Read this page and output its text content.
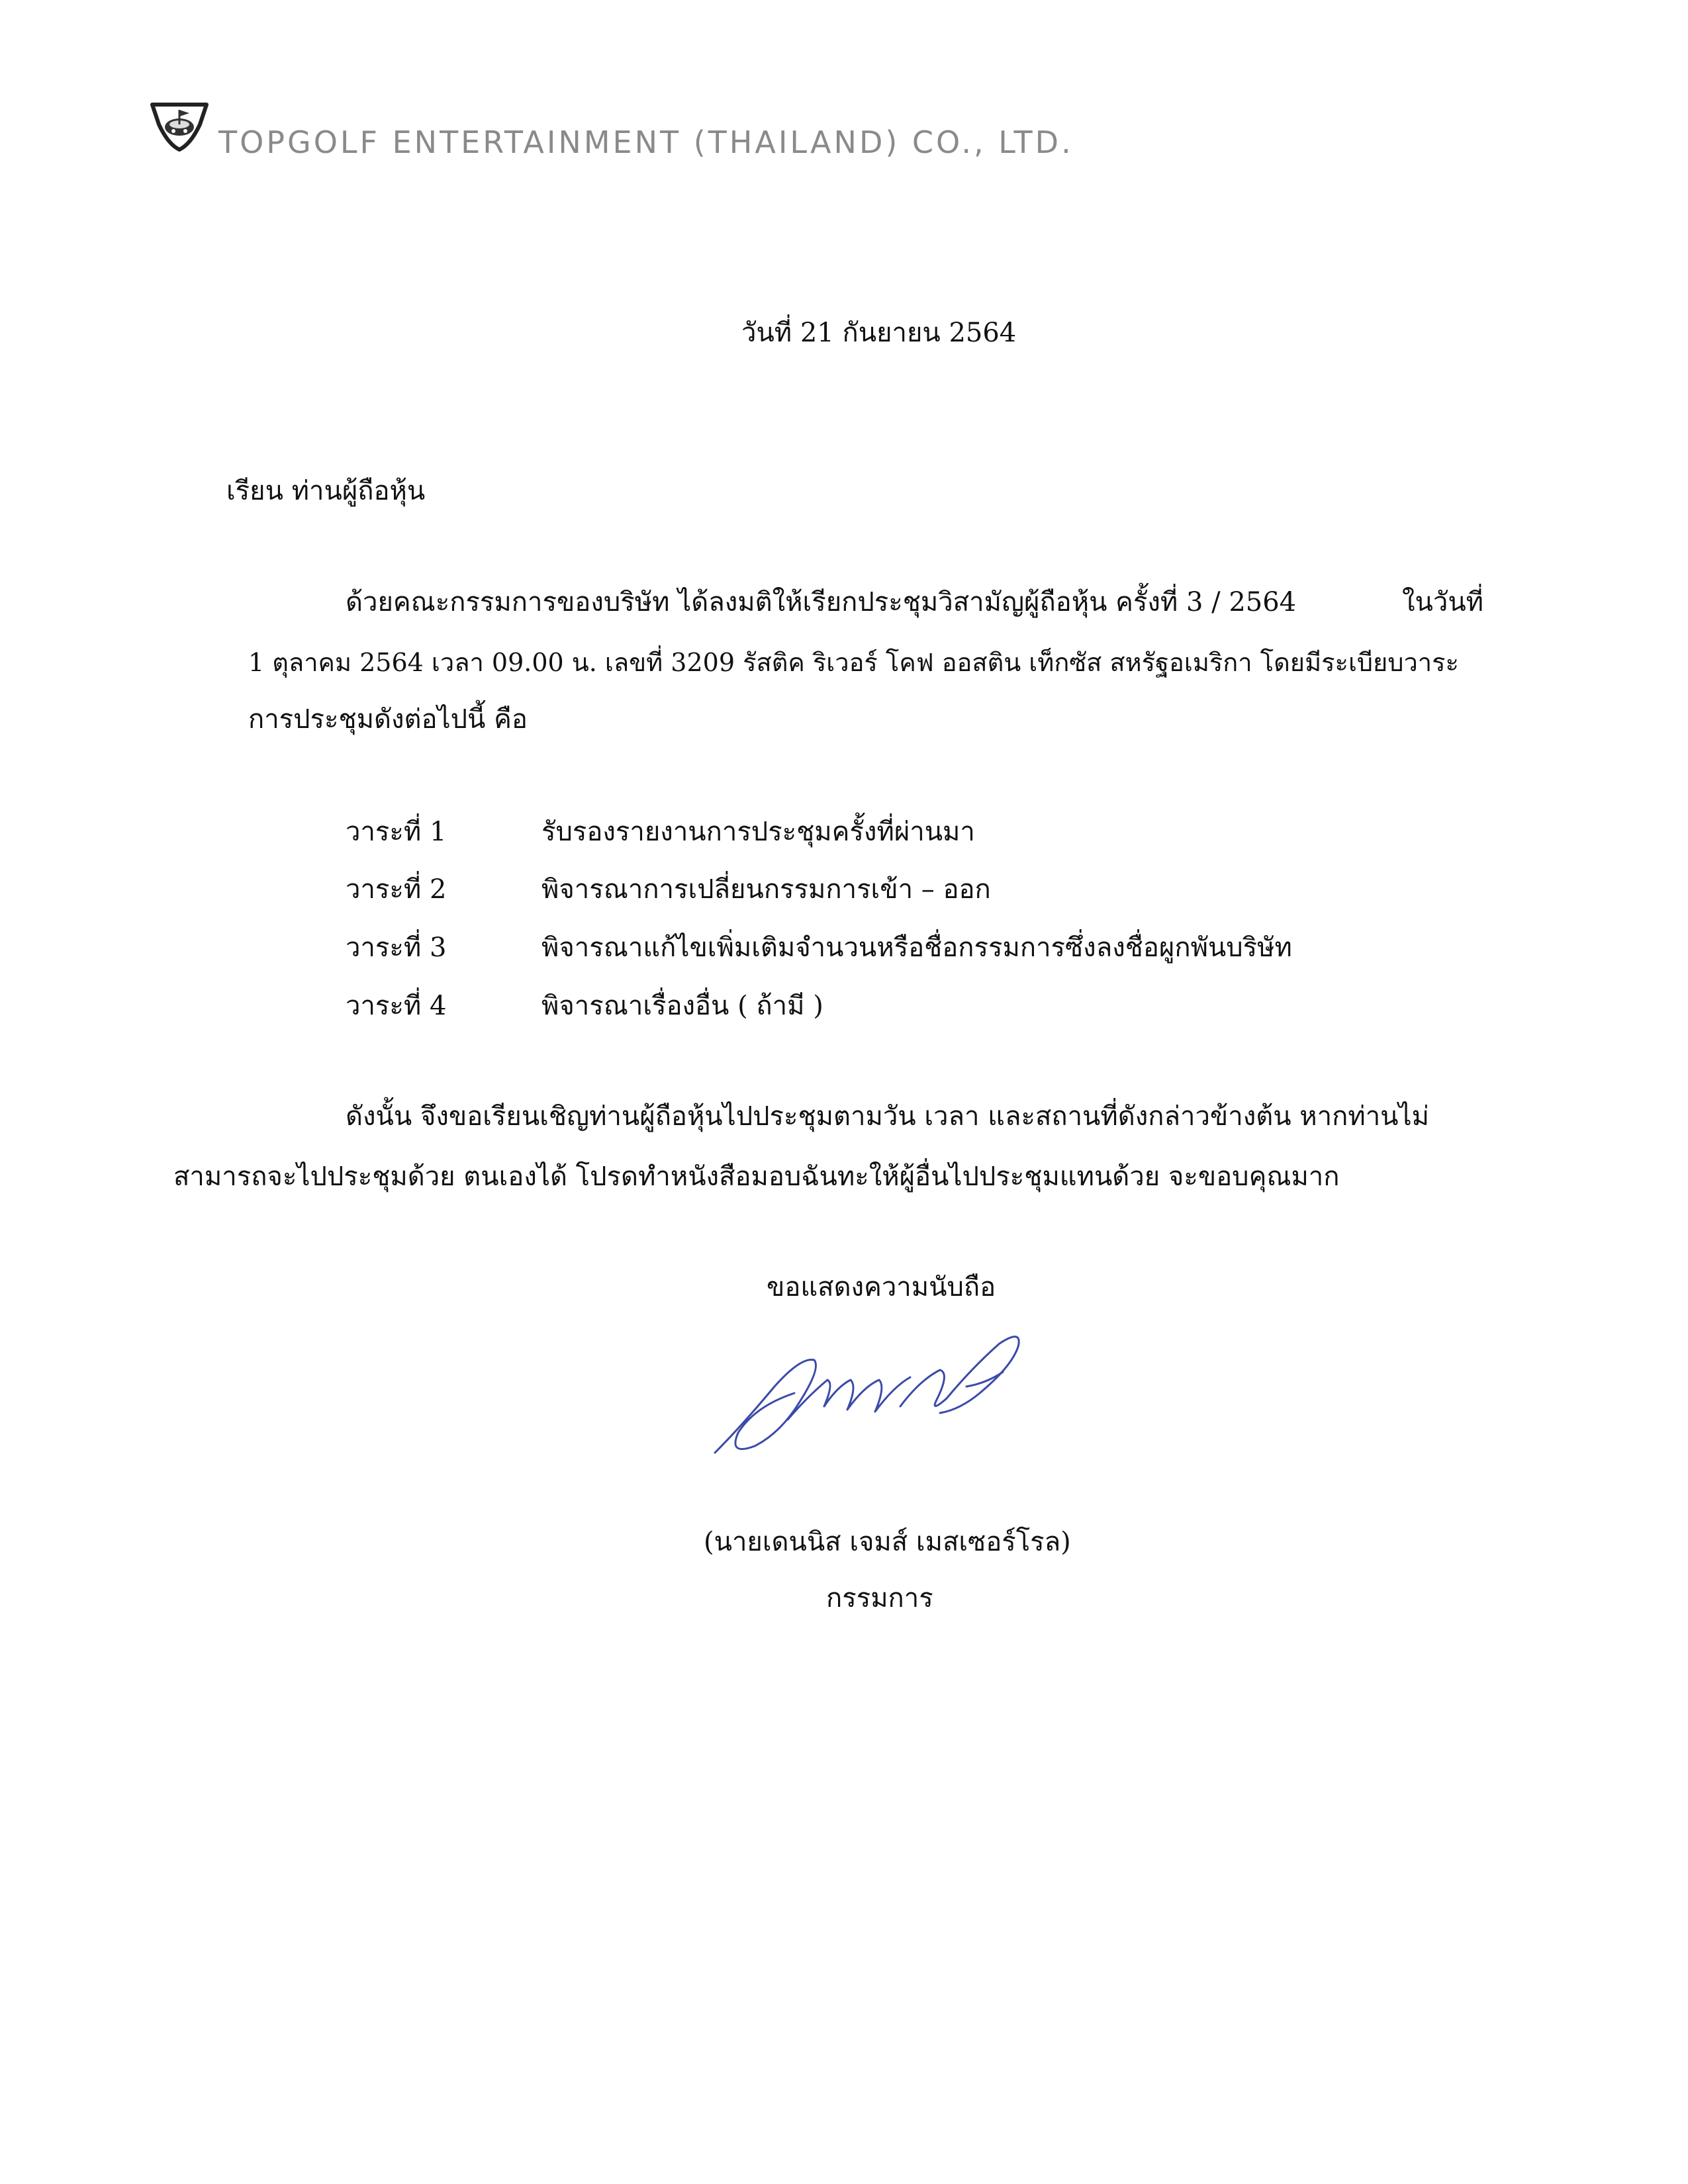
TOPGOLF ENTERTAINMENT (THAILAND) CO., LTD.
วันที่ 21 กันยายน 2564
เรียน ท่านผู้ถือหุ้น
ด้วยคณะกรรมการของบริษัท ได้ลงมติให้เรียกประชุมวิสามัญผู้ถือหุ้น ครั้งที่ 3 / 2564	ในวันที่
1 ตุลาคม 2564 เวลา 09.00 น. เลขที่ 3209 รัสติค ริเวอร์ โคฟ ออสติน เท็กซัส สหรัฐอเมริกา โดยมีระเบียบวาระ
การประชุมดังต่อไปนี้ คือ
วาระที่ 1	รับรองรายงานการประชุมครั้งที่ผ่านมา
วาระที่ 2	พิจารณาการเปลี่ยนกรรมการเข้า – ออก
วาระที่ 3	พิจารณาแก้ไขเพิ่มเติมจำนวนหรือชื่อกรรมการซึ่งลงชื่อผูกพันบริษัท
วาระที่ 4	พิจารณาเรื่องอื่น ( ถ้ามี )
ดังนั้น จึงขอเรียนเชิญท่านผู้ถือหุ้นไปประชุมตามวัน เวลา และสถานที่ดังกล่าวข้างต้น หากท่านไม่
สามารถจะไปประชุมด้วย ตนเองได้ โปรดทำหนังสือมอบฉันทะให้ผู้อื่นไปประชุมแทนด้วย จะขอบคุณมาก
ขอแสดงความนับถือ
(นายเดนนิส เจมส์ เมสเซอร์โรล)
กรรมการ
